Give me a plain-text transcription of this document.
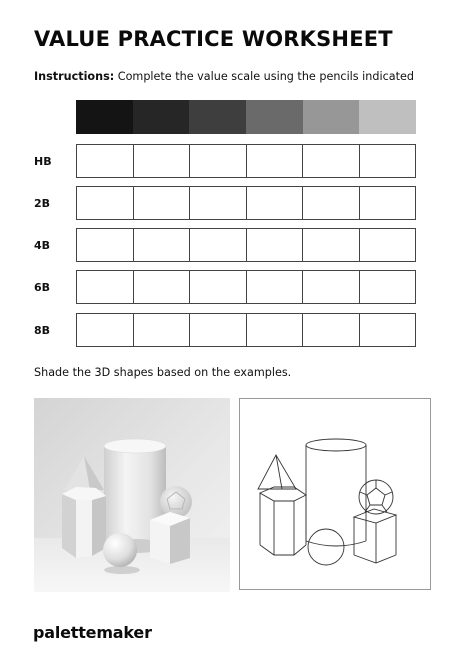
VALUE PRACTICE WORKSHEET
Instructions: Complete the value scale using the pencils indicated
HB
2B
4B
6B
8B
Shade the 3D shapes based on the examples.
palettemaker
